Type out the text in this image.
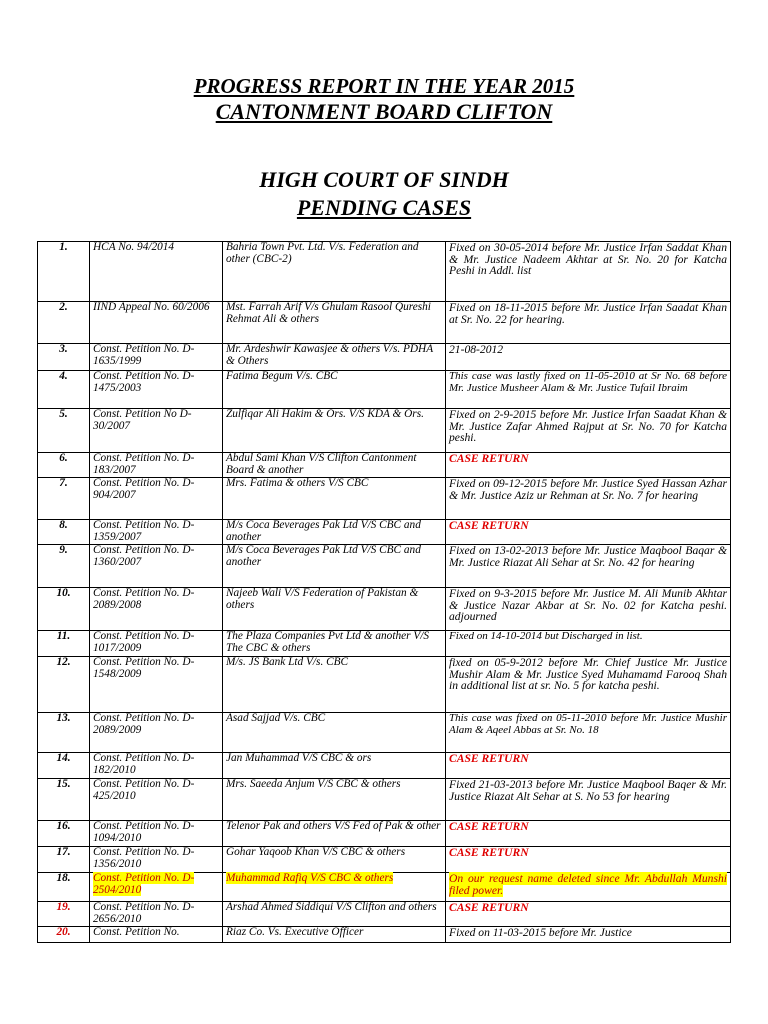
PROGRESS REPORT IN THE YEAR 2015
CANTONMENT BOARD CLIFTON
HIGH COURT OF SINDH
PENDING CASES
1.	HCA No. 94/2014	Bahria Town Pvt. Ltd. V/s. Federation and other (CBC-2)	Fixed on 30-05-2014 before Mr. Justice Irfan Saddat Khan & Mr. Justice Nadeem Akhtar at Sr. No. 20 for Katcha Peshi in Addl. list
2.	IIND Appeal No. 60/2006	Mst. Farrah Arif V/s Ghulam Rasool Qureshi Rehmat Ali & others	Fixed on 18-11-2015 before Mr. Justice Irfan Saadat Khan at Sr. No. 22 for hearing.
3.	Const. Petition No. D-1635/1999	Mr. Ardeshwir Kawasjee & others V/s. PDHA & Others	21-08-2012
4.	Const. Petition No. D-1475/2003	Fatima Begum V/s. CBC	This case was lastly fixed on 11-05-2010 at Sr No. 68 before Mr. Justice Musheer Alam & Mr. Justice Tufail Ibraim
5.	Const. Petition No D-30/2007	Zulfiqar Ali Hakim & Ors. V/S KDA & Ors.	Fixed on 2-9-2015 before Mr. Justice Irfan Saadat Khan & Mr. Justice Zafar Ahmed Rajput at Sr. No. 70 for Katcha peshi.
6.	Const. Petition No. D-183/2007	Abdul Sami Khan V/S Clifton Cantonment Board & another	CASE RETURN
7.	Const. Petition No. D-904/2007	Mrs. Fatima & others V/S CBC	Fixed on 09-12-2015 before Mr. Justice Syed Hassan Azhar & Mr. Justice Aziz ur Rehman at Sr. No. 7 for hearing
8.	Const. Petition No. D-1359/2007	M/s Coca Beverages Pak Ltd V/S CBC and another	CASE RETURN
9.	Const. Petition No. D-1360/2007	M/s Coca Beverages Pak Ltd V/S CBC and another	Fixed on 13-02-2013 before Mr. Justice Maqbool Baqar & Mr. Justice Riazat Ali Sehar at Sr. No. 42 for hearing
10.	Const. Petition No. D-2089/2008	Najeeb Wali V/S Federation of Pakistan & others	Fixed on 9-3-2015 before Mr. Justice M. Ali Munib Akhtar & Justice Nazar Akbar at Sr. No. 02 for Katcha peshi. adjourned
11.	Const. Petition No. D-1017/2009	The Plaza Companies Pvt Ltd & another V/S The CBC & others	Fixed on 14-10-2014 but Discharged in list.
12.	Const. Petition No. D-1548/2009	M/s. JS Bank Ltd V/s. CBC	fixed on 05-9-2012 before Mr. Chief Justice Mr. Justice Mushir Alam & Mr. Justice Syed Muhamamd Farooq Shah in additional list at sr. No. 5 for katcha peshi.
13.	Const. Petition No. D-2089/2009	Asad Sajjad V/s. CBC	This case was fixed on 05-11-2010 before Mr. Justice Mushir Alam & Aqeel Abbas at Sr. No. 18
14.	Const. Petition No. D-182/2010	Jan Muhammad V/S CBC & ors	CASE RETURN
15.	Const. Petition No. D-425/2010	Mrs. Saeeda Anjum V/S CBC & others	Fixed 21-03-2013 before Mr. Justice Maqbool Baqer & Mr. Justice Riazat Alt Sehar at S. No 53 for hearing
16.	Const. Petition No. D-1094/2010	Telenor Pak and others V/S Fed of Pak & other	CASE RETURN
17.	Const. Petition No. D-1356/2010	Gohar Yaqoob Khan V/S CBC & others	CASE RETURN
18.	Const. Petition No. D-2504/2010	Muhammad Rafiq V/S CBC & others	On our request name deleted since Mr. Abdullah Munshi filed power.
19.	Const. Petition No. D-2656/2010	Arshad Ahmed Siddiqui V/S Clifton and others	CASE RETURN
20.	Const. Petition No.	Riaz Co. Vs. Executive Officer	Fixed on 11-03-2015 before Mr. Justice
